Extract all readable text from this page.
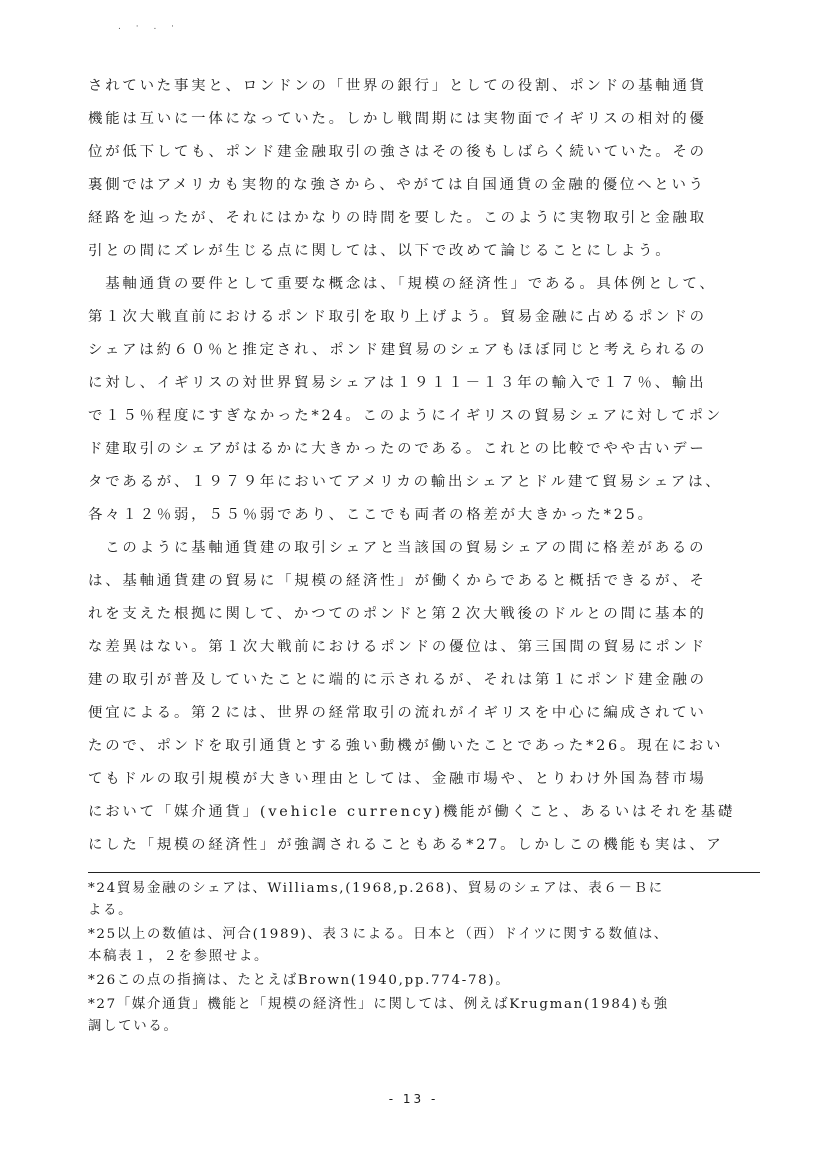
. · . ·
されていた事実と、ロンドンの「世界の銀行」としての役割、ポンドの基軸通貨
機能は互いに一体になっていた。しかし戦間期には実物面でイギリスの相対的優
位が低下しても、ポンド建金融取引の強さはその後もしばらく続いていた。その
裏側ではアメリカも実物的な強さから、やがては自国通貨の金融的優位へという
経路を辿ったが、それにはかなりの時間を要した。このように実物取引と金融取
引との間にズレが生じる点に関しては、以下で改めて論じることにしよう。
　基軸通貨の要件として重要な概念は、「規模の経済性」である。具体例として、
第１次大戦直前におけるポンド取引を取り上げよう。貿易金融に占めるポンドの
シェアは約６０％と推定され、ポンド建貿易のシェアもほぼ同じと考えられるの
に対し、イギリスの対世界貿易シェアは１９１１－１３年の輸入で１７％、輸出
で１５％程度にすぎなかった*24。このようにイギリスの貿易シェアに対してポン
ド建取引のシェアがはるかに大きかったのである。これとの比較でやや古いデー
タであるが、１９７９年においてアメリカの輸出シェアとドル建て貿易シェアは、
各々１２％弱，５５％弱であり、ここでも両者の格差が大きかった*25。
　このように基軸通貨建の取引シェアと当該国の貿易シェアの間に格差があるの
は、基軸通貨建の貿易に「規模の経済性」が働くからであると概括できるが、そ
れを支えた根拠に関して、かつてのポンドと第２次大戦後のドルとの間に基本的
な差異はない。第１次大戦前におけるポンドの優位は、第三国間の貿易にポンド
建の取引が普及していたことに端的に示されるが、それは第１にポンド建金融の
便宜による。第２には、世界の経常取引の流れがイギリスを中心に編成されてい
たので、ポンドを取引通貨とする強い動機が働いたことであった*26。現在におい
てもドルの取引規模が大きい理由としては、金融市場や、とりわけ外国為替市場
において「媒介通貨」(vehicle currency)機能が働くこと、あるいはそれを基礎
にした「規模の経済性」が強調されることもある*27。しかしこの機能も実は、ア
*24貿易金融のシェアは、Williams,(1968,p.268)、貿易のシェアは、表６－Ｂに
よる。
*25以上の数値は、河合(1989)、表３による。日本と（西）ドイツに関する数値は、
本稿表１，２を参照せよ。
*26この点の指摘は、たとえばBrown(1940,pp.774-78)。
*27「媒介通貨」機能と「規模の経済性」に関しては、例えばKrugman(1984)も強
調している。
- 13 -
